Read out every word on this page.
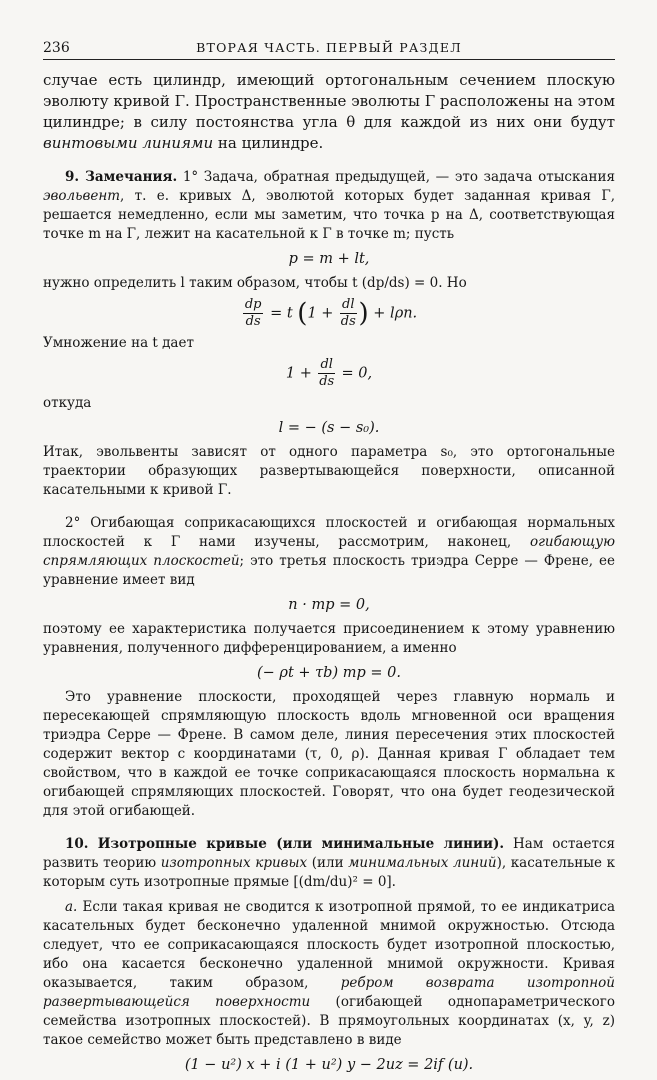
236	ВТОРАЯ ЧАСТЬ. ПЕРВЫЙ РАЗДЕЛ

случае есть цилиндр, имеющий ортогональным сечением плоскую эволюту кривой Γ. Пространственные эволюты Γ расположены на этом цилиндре; в силу постоянства угла θ для каждой из них они будут винтовыми линиями на цилиндре.

9. Замечания. 1° Задача, обратная предыдущей, — это задача отыскания эвольвент, т. е. кривых Δ, эволютой которых будет заданная кривая Γ, решается немедленно, если мы заметим, что точка p на Δ, соответствующая точке m на Γ, лежит на касательной к Γ в точке m; пусть

p = m + lt,

нужно определить l таким образом, чтобы t (dp/ds) = 0. Но

$\frac{dp}{ds} = t$ ($1 + \frac{dl}{ds}$ ) + lρn.

Умножение на t дает

$1 + \frac{dl}{ds} = 0$,

откуда

l = − (s − s₀).

Итак, эвольвенты зависят от одного параметра s₀, это ортогональные траектории образующих развертывающейся поверхности, описанной касательными к кривой Γ.

2° Огибающая соприкасающихся плоскостей и огибающая нормальных плоскостей к Γ нами изучены, рассмотрим, наконец, огибающую спрямляющих плоскостей; это третья плоскость триэдра Серре — Френе, ее уравнение имеет вид

n · mp = 0,

поэтому ее характеристика получается присоединением к этому уравнению уравнения, полученного дифференцированием, а именно

(− ρt + τb) mp = 0.

Это уравнение плоскости, проходящей через главную нормаль и пересекающей спрямляющую плоскость вдоль мгновенной оси вращения триэдра Серре — Френе. В самом деле, линия пересечения этих плоскостей содержит вектор с координатами (τ, 0, ρ). Данная кривая Γ обладает тем свойством, что в каждой ее точке соприкасающаяся плоскость нормальна к огибающей спрямляющих плоскостей. Говорят, что она будет геодезической для этой огибающей.

10. Изотропные кривые (или минимальные линии). Нам остается развить теорию изотропных кривых (или минимальных линий), касательные к которым суть изотропные прямые [(dm/du)² = 0].

a. Если такая кривая не сводится к изотропной прямой, то ее индикатриса касательных будет бесконечно удаленной мнимой окружностью. Отсюда следует, что ее соприкасающаяся плоскость будет изотропной плоскостью, ибо она касается бесконечно удаленной мнимой окружности. Кривая оказывается, таким образом, ребром возврата изотропной развертывающейся поверхности (огибающей однопараметрического семейства изотропных плоскостей). В прямоугольных координатах (x, y, z) такое семейство может быть представлено в виде

(1 − u²) x + i (1 + u²) y − 2uz = 2if (u).
